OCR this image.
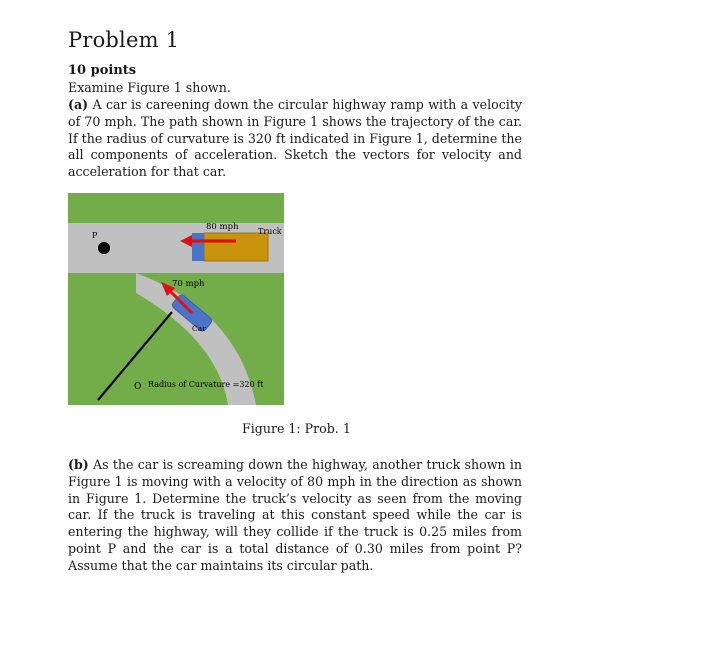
Problem 1
10 points
Examine Figure 1 shown.
(a) A car is careening down the circular highway ramp with a velocity of 70 mph. The path shown in Figure 1 shows the trajectory of the car. If the radius of curvature is 320 ft indicated in Figure 1, determine the all components of acceleration. Sketch the vectors for velocity and acceleration for that car.
80 mph Truck
P
70 mph
Car
O Radius of Curvature =320 ft
Figure 1: Prob. 1
(b) As the car is screaming down the highway, another truck shown in Figure 1 is moving with a velocity of 80 mph in the direction as shown in Figure 1. Determine the truck’s velocity as seen from the moving car. If the truck is traveling at this constant speed while the car is entering the highway, will they collide if the truck is 0.25 miles from point P and the car is a total distance of 0.30 miles from point P? Assume that the car maintains its circular path.
